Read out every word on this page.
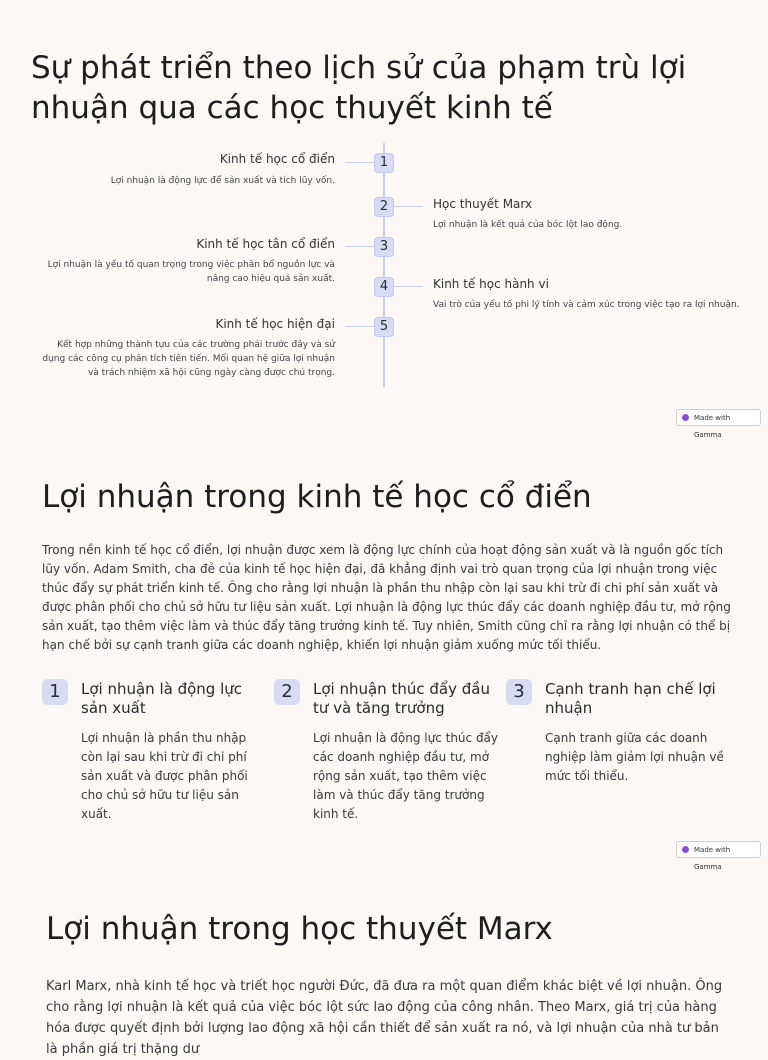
Sự phát triển theo lịch sử của phạm trù lợi nhuận qua các học thuyết kinh tế
1
Kinh tế học cổ điển
Lợi nhuận là động lực để sản xuất và tích lũy vốn.
2	Học thuyết Marx
Lợi nhuận là kết quả của bóc lột lao động.
3
Kinh tế học tân cổ điển
Lợi nhuận là yếu tố quan trọng trong việc phân bổ nguồn lực và nâng cao hiệu quả sản xuất.	4	Kinh tế học hành vi
Vai trò của yếu tố phi lý tính và cảm xúc trong việc tạo ra lợi nhuận.
5
Kinh tế học hiện đại
Kết hợp những thành tựu của các trường phái trước đây và sử dụng các công cụ phân tích tiên tiến. Mối quan hệ giữa lợi nhuận và trách nhiệm xã hội cũng ngày càng được chú trọng.
Made with Gamma
Lợi nhuận trong kinh tế học cổ điển
Trong nền kinh tế học cổ điển, lợi nhuận được xem là động lực chính của hoạt động sản xuất và là nguồn gốc tích lũy vốn. Adam Smith, cha đẻ của kinh tế học hiện đại, đã khẳng định vai trò quan trọng của lợi nhuận trong việc thúc đẩy sự phát triển kinh tế. Ông cho rằng lợi nhuận là phần thu nhập còn lại sau khi trừ đi chi phí sản xuất và được phân phối cho chủ sở hữu tư liệu sản xuất. Lợi nhuận là động lực thúc đẩy các doanh nghiệp đầu tư, mở rộng sản xuất, tạo thêm việc làm và thúc đẩy tăng trưởng kinh tế. Tuy nhiên, Smith cũng chỉ ra rằng lợi nhuận có thể bị hạn chế bởi sự cạnh tranh giữa các doanh nghiệp, khiến lợi nhuận giảm xuống mức tối thiểu.
1	Lợi nhuận là động lực sản xuất
Lợi nhuận là phần thu nhập còn lại sau khi trừ đi chi phí sản xuất và được phân phối cho chủ sở hữu tư liệu sản xuất.
2	Lợi nhuận thúc đẩy đầu tư và tăng trưởng
Lợi nhuận là động lực thúc đẩy các doanh nghiệp đầu tư, mở rộng sản xuất, tạo thêm việc làm và thúc đẩy tăng trưởng kinh tế.
3	Cạnh tranh hạn chế lợi nhuận
Cạnh tranh giữa các doanh nghiệp làm giảm lợi nhuận về mức tối thiểu.
Made with Gamma
Lợi nhuận trong học thuyết Marx
Karl Marx, nhà kinh tế học và triết học người Đức, đã đưa ra một quan điểm khác biệt về lợi nhuận. Ông cho rằng lợi nhuận là kết quả của việc bóc lột sức lao động của công nhân. Theo Marx, giá trị của hàng hóa được quyết định bởi lượng lao động xã hội cần thiết để sản xuất ra nó, và lợi nhuận của nhà tư bản là phần giá trị thặng dư
